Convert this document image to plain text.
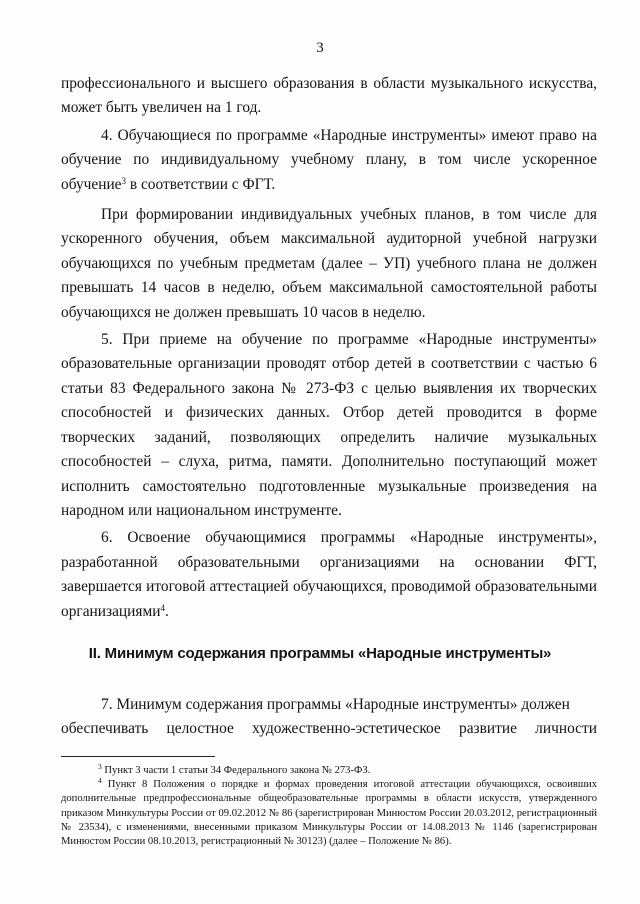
3

профессионального и высшего образования в области музыкального искусства, может быть увеличен на 1 год.

4. Обучающиеся по программе «Народные инструменты» имеют право на обучение по индивидуальному учебному плану, в том числе ускоренное обучение$^3$ в соответствии с ФГТ.

При формировании индивидуальных учебных планов, в том числе для ускоренного обучения, объем максимальной аудиторной учебной нагрузки обучающихся по учебным предметам (далее – УП) учебного плана не должен превышать 14 часов в неделю, объем максимальной самостоятельной работы обучающихся не должен превышать 10 часов в неделю.

5. При приеме на обучение по программе «Народные инструменты» образовательные организации проводят отбор детей в соответствии с частью 6 статьи 83 Федерального закона № 273-ФЗ с целью выявления их творческих способностей и физических данных. Отбор детей проводится в форме творческих заданий, позволяющих определить наличие музыкальных способностей – слуха, ритма, памяти. Дополнительно поступающий может исполнить самостоятельно подготовленные музыкальные произведения на народном или национальном инструменте.

6. Освоение обучающимися программы «Народные инструменты», разработанной образовательными организациями на основании ФГТ, завершается итоговой аттестацией обучающихся, проводимой образовательными организациями$^4$.

II. Минимум содержания программы «Народные инструменты»

7. Минимум содержания программы «Народные инструменты» должен

обеспечивать целостное художественно-эстетическое развитие личности

$^3$ Пункт 3 части 1 статьи 34 Федерального закона № 273-ФЗ.

$^4$ Пункт 8 Положения о порядке и формах проведения итоговой аттестации обучающихся, освоивших дополнительные предпрофессиональные общеобразовательные программы в области искусств, утвержденного приказом Минкультуры России от 09.02.2012 № 86 (зарегистрирован Минюстом России 20.03.2012, регистрационный № 23534), с изменениями, внесенными приказом Минкультуры России от 14.08.2013 № 1146 (зарегистрирован Минюстом России 08.10.2013, регистрационный № 30123) (далее – Положение № 86).
